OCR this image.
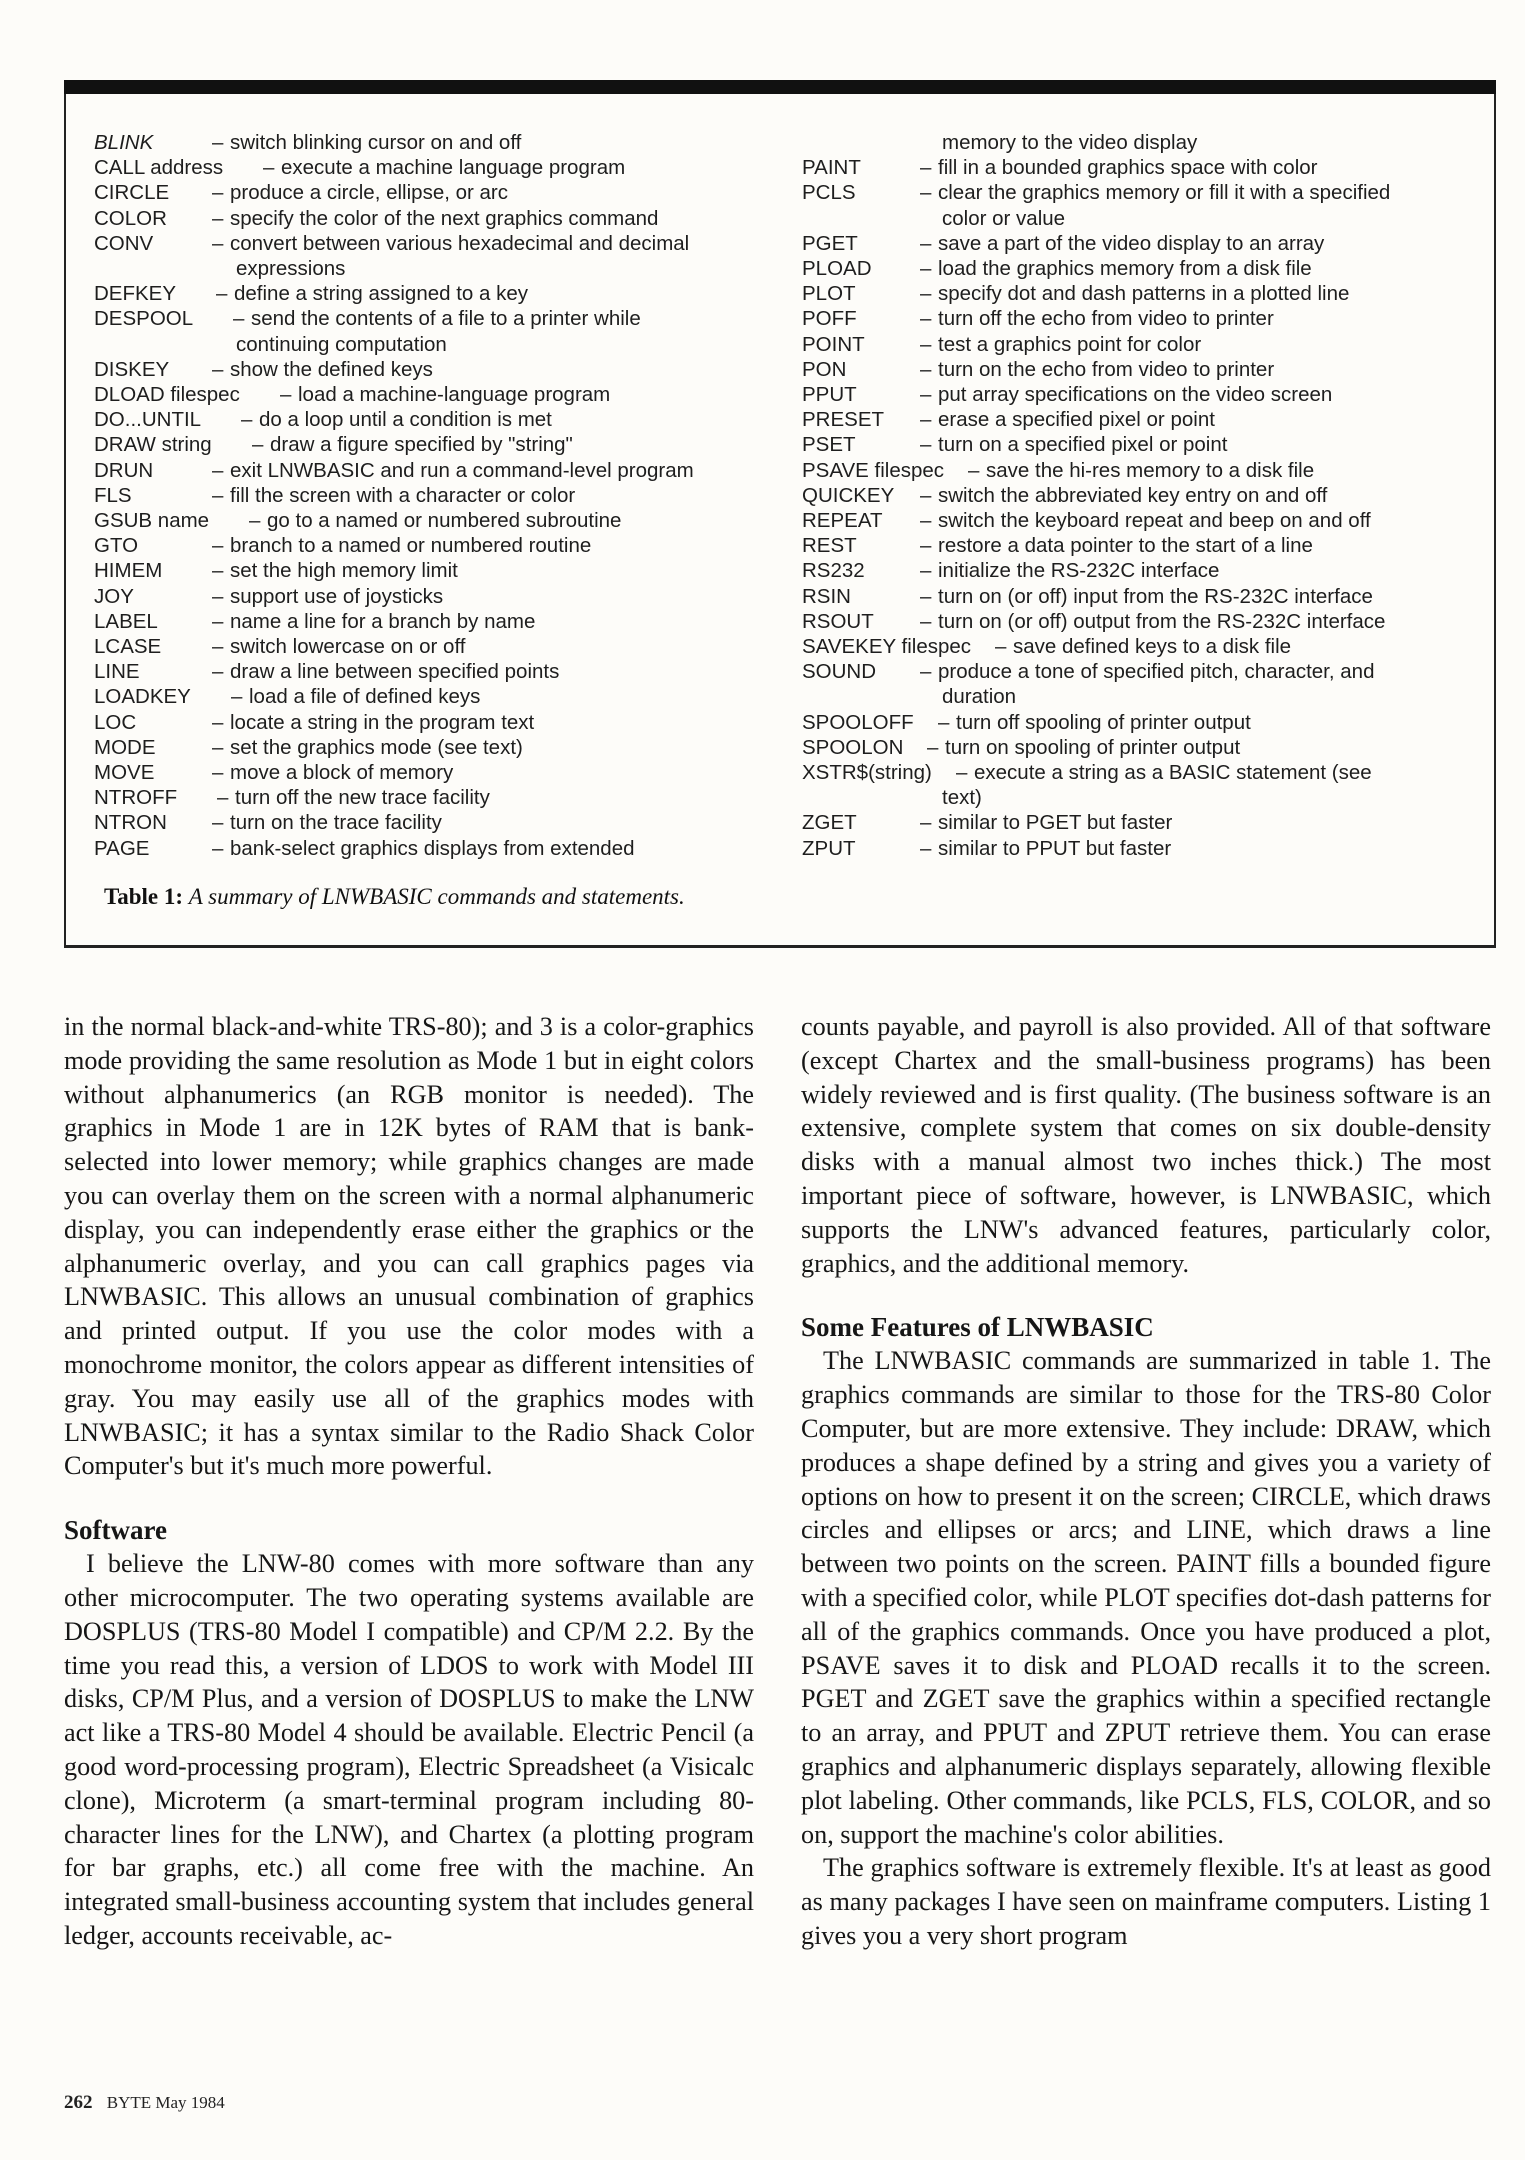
BLINK	– switch blinking cursor on and off
CALL address – execute a machine language program
CIRCLE – produce a circle, ellipse, or arc
COLOR – specify the color of the next graphics command
CONV	– convert between various hexadecimal and decimal
expressions
DEFKEY – define a string assigned to a key
DESPOOL – send the contents of a file to a printer while
continuing computation
DISKEY – show the defined keys
DLOAD filespec – load a machine-language program
DO...UNTIL – do a loop until a condition is met
DRAW string – draw a figure specified by "string"
DRUN	– exit LNWBASIC and run a command-level program
FLS	– fill the screen with a character or color
GSUB name – go to a named or numbered subroutine
GTO	– branch to a named or numbered routine
HIMEM – set the high memory limit
JOY	– support use of joysticks
LABEL	– name a line for a branch by name
LCASE – switch lowercase on or off
LINE	– draw a line between specified points
LOADKEY – load a file of defined keys
LOC	– locate a string in the program text
MODE	– set the graphics mode (see text)
MOVE	– move a block of memory
NTROFF – turn off the new trace facility
NTRON – turn on the trace facility
PAGE	– bank-select graphics displays from extended
memory to the video display
PAINT	– fill in a bounded graphics space with color
PCLS	– clear the graphics memory or fill it with a specified
color or value
PGET	– save a part of the video display to an array
PLOAD – load the graphics memory from a disk file
PLOT	– specify dot and dash patterns in a plotted line
POFF	– turn off the echo from video to printer
POINT	– test a graphics point for color
PON	– turn on the echo from video to printer
PPUT	– put array specifications on the video screen
PRESET – erase a specified pixel or point
PSET	– turn on a specified pixel or point
PSAVE filespec – save the hi-res memory to a disk file
QUICKEY – switch the abbreviated key entry on and off
REPEAT – switch the keyboard repeat and beep on and off
REST	– restore a data pointer to the start of a line
RS232	– initialize the RS-232C interface
RSIN	– turn on (or off) input from the RS-232C interface
RSOUT – turn on (or off) output from the RS-232C interface
SAVEKEY filespec – save defined keys to a disk file
SOUND – produce a tone of specified pitch, character, and
duration
SPOOLOFF – turn off spooling of printer output
SPOOLON – turn on spooling of printer output
XSTR$(string) – execute a string as a BASIC statement (see
text)
ZGET	– similar to PGET but faster
ZPUT	– similar to PPUT but faster
Table 1: A summary of LNWBASIC commands and statements.

in the normal black-and-white TRS-80); and 3 is a color-graphics mode providing the same resolution as Mode 1 but in eight colors without alphanumerics (an RGB monitor is needed). The graphics in Mode 1 are in 12K bytes of RAM that is bank-selected into lower memory; while graphics changes are made you can overlay them on the screen with a normal alphanumeric display, you can independently erase either the graphics or the alphanumeric overlay, and you can call graphics pages via LNWBASIC. This allows an unusual combination of graphics and printed output. If you use the color modes with a monochrome monitor, the colors appear as different intensities of gray. You may easily use all of the graphics modes with LNWBASIC; it has a syntax similar to the Radio Shack Color Computer's but it's much more powerful.

Software

I believe the LNW-80 comes with more software than any other microcomputer. The two operating systems available are DOSPLUS (TRS-80 Model I compatible) and CP/M 2.2. By the time you read this, a version of LDOS to work with Model III disks, CP/M Plus, and a version of DOSPLUS to make the LNW act like a TRS-80 Model 4 should be available. Electric Pencil (a good word-processing program), Electric Spreadsheet (a Visicalc clone), Microterm (a smart-terminal program including 80-character lines for the LNW), and Chartex (a plotting program for bar graphs, etc.) all come free with the machine. An integrated small-business accounting system that includes general ledger, accounts receivable, ac-

counts payable, and payroll is also provided. All of that software (except Chartex and the small-business programs) has been widely reviewed and is first quality. (The business software is an extensive, complete system that comes on six double-density disks with a manual almost two inches thick.) The most important piece of software, however, is LNWBASIC, which supports the LNW's advanced features, particularly color, graphics, and the additional memory.

Some Features of LNWBASIC

The LNWBASIC commands are summarized in table 1. The graphics commands are similar to those for the TRS-80 Color Computer, but are more extensive. They include: DRAW, which produces a shape defined by a string and gives you a variety of options on how to present it on the screen; CIRCLE, which draws circles and ellipses or arcs; and LINE, which draws a line between two points on the screen. PAINT fills a bounded figure with a specified color, while PLOT specifies dot-dash patterns for all of the graphics commands. Once you have produced a plot, PSAVE saves it to disk and PLOAD recalls it to the screen. PGET and ZGET save the graphics within a specified rectangle to an array, and PPUT and ZPUT retrieve them. You can erase graphics and alphanumeric displays separately, allowing flexible plot labeling. Other commands, like PCLS, FLS, COLOR, and so on, support the machine's color abilities.

The graphics software is extremely flexible. It's at least as good as many packages I have seen on mainframe computers. Listing 1 gives you a very short program

262 BYTE May 1984
